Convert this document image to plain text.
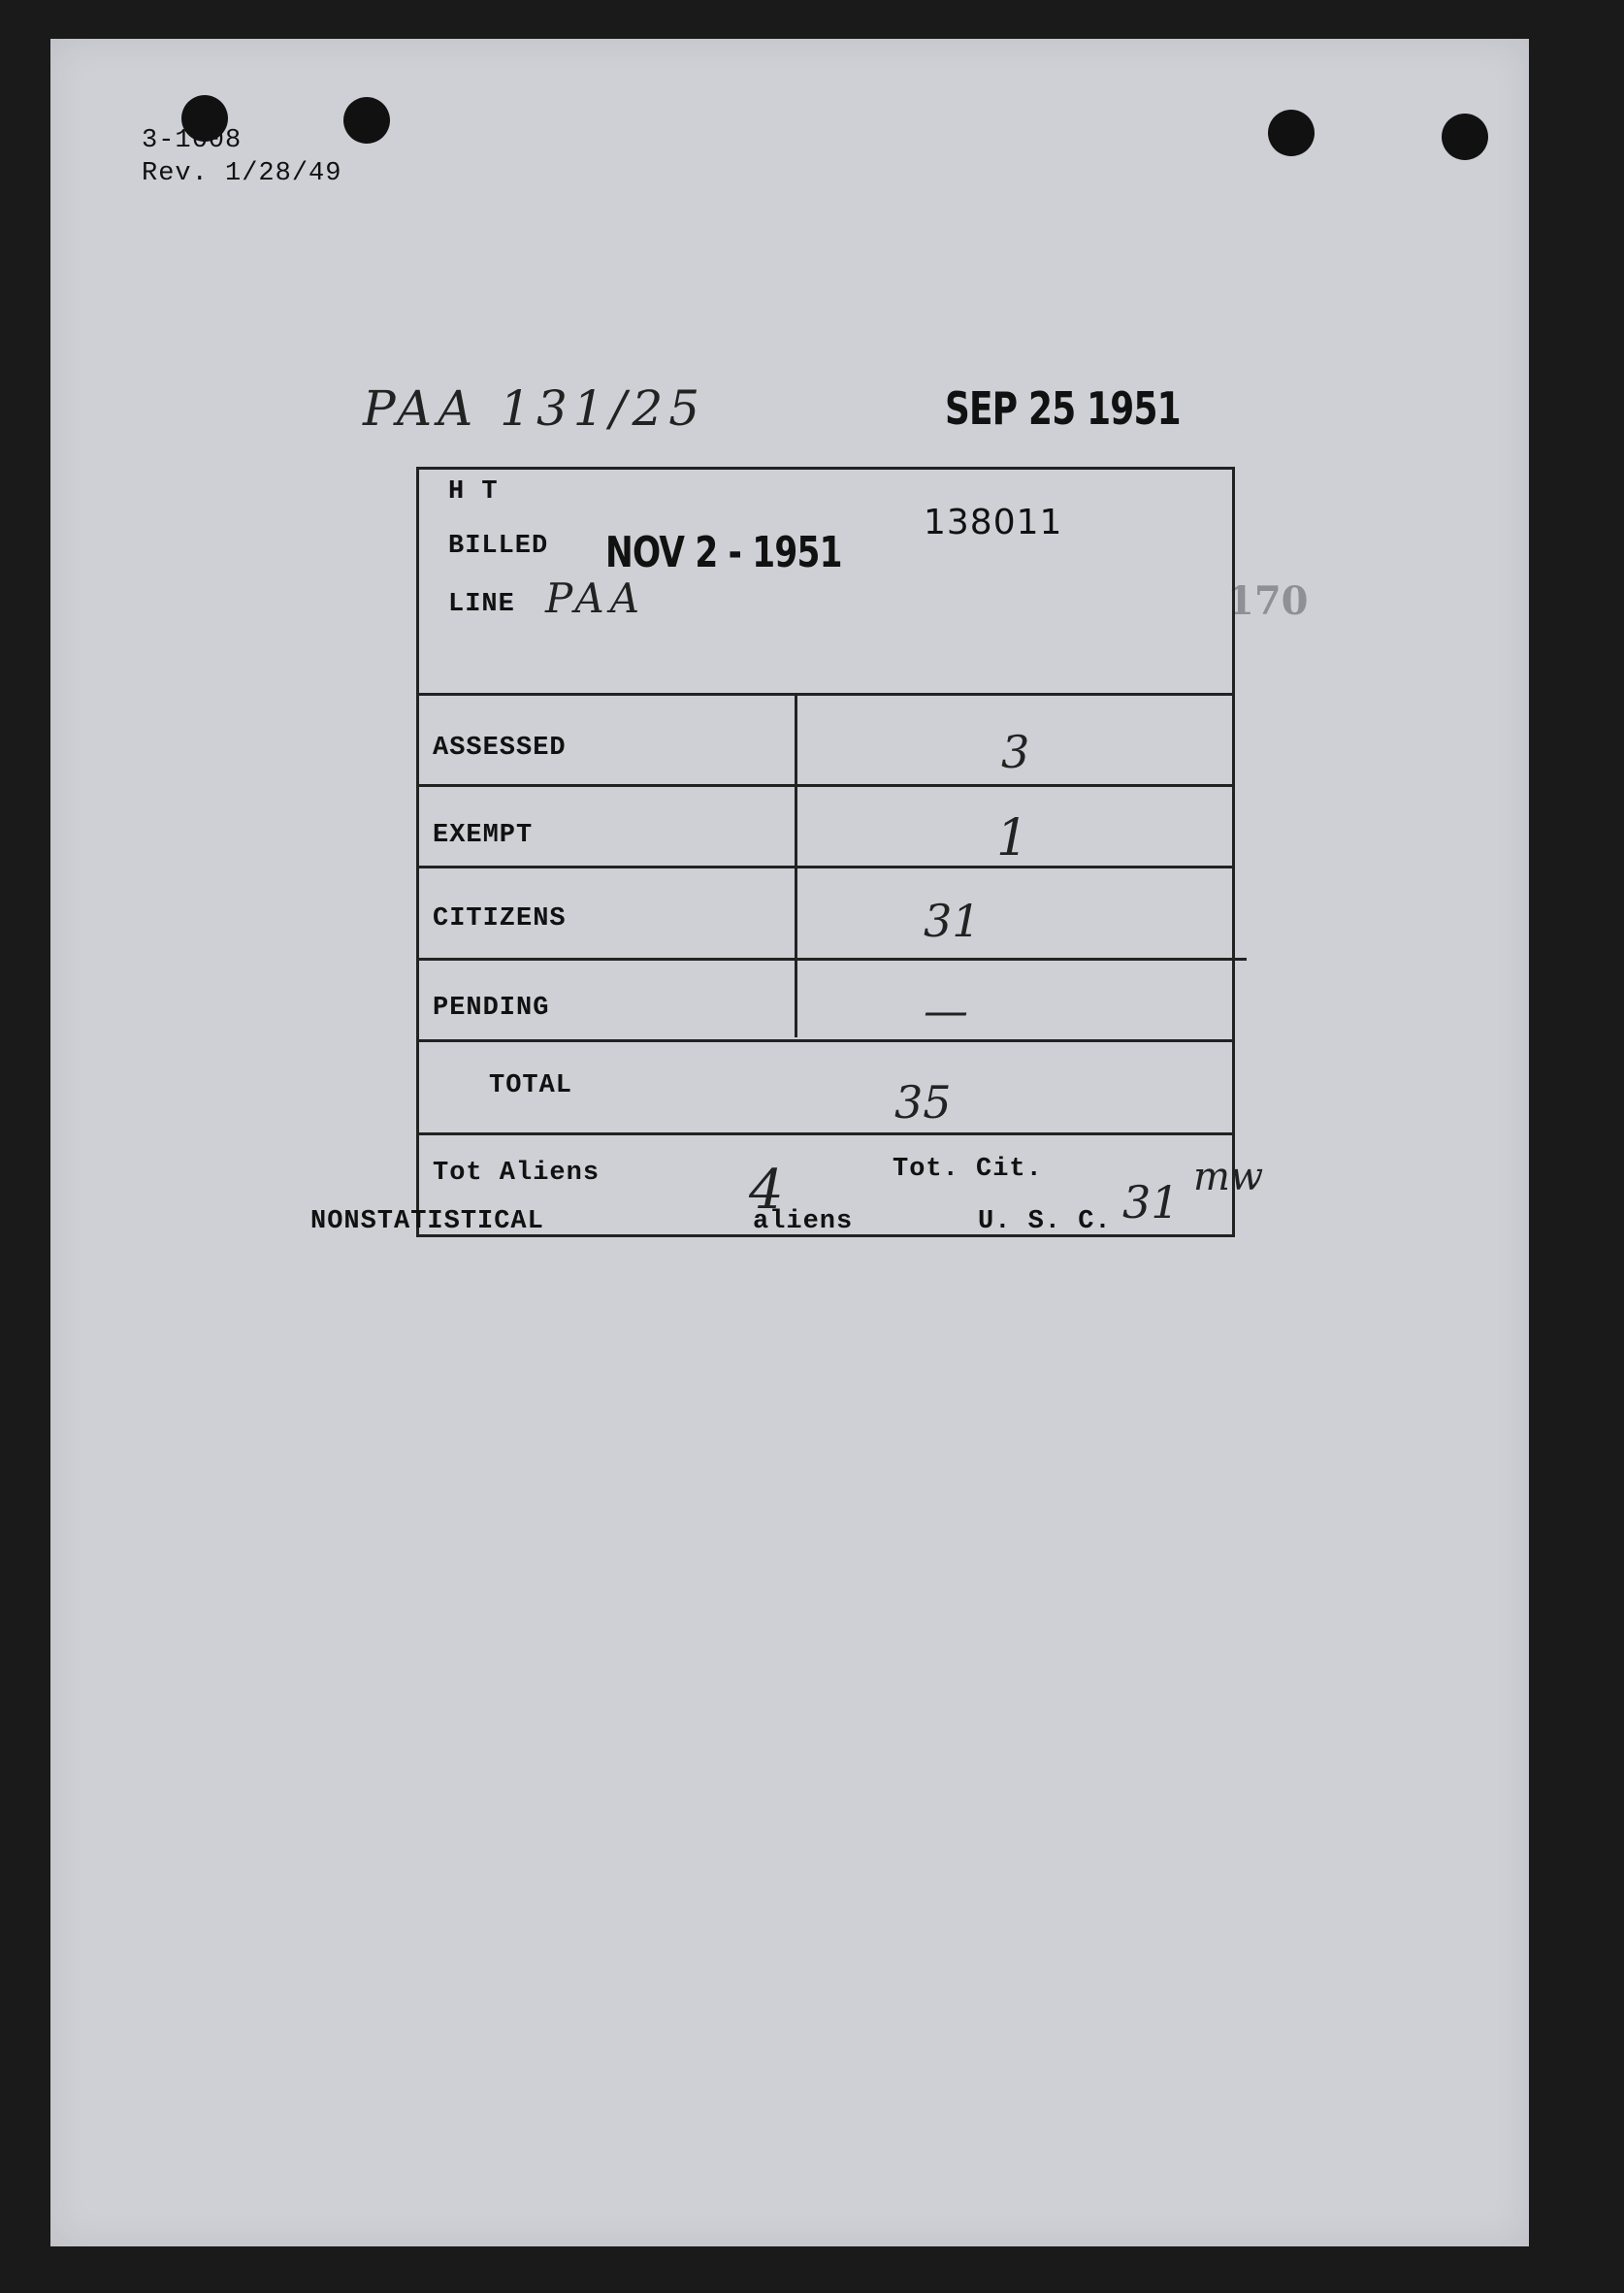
3-1608
Rev. 1/28/49
PAA 131/25	SEP 25 1951
170
H T
BILLED NOV 2 - 1951
LINE PAA
138011
ASSESSED	3
EXEMPT	1
CITIZENS	31
PENDING	—
TOTAL	35
Tot Aliens	4	Tot. Cit.
31 mw
NONSTATISTICAL	aliens	U. S. C.
